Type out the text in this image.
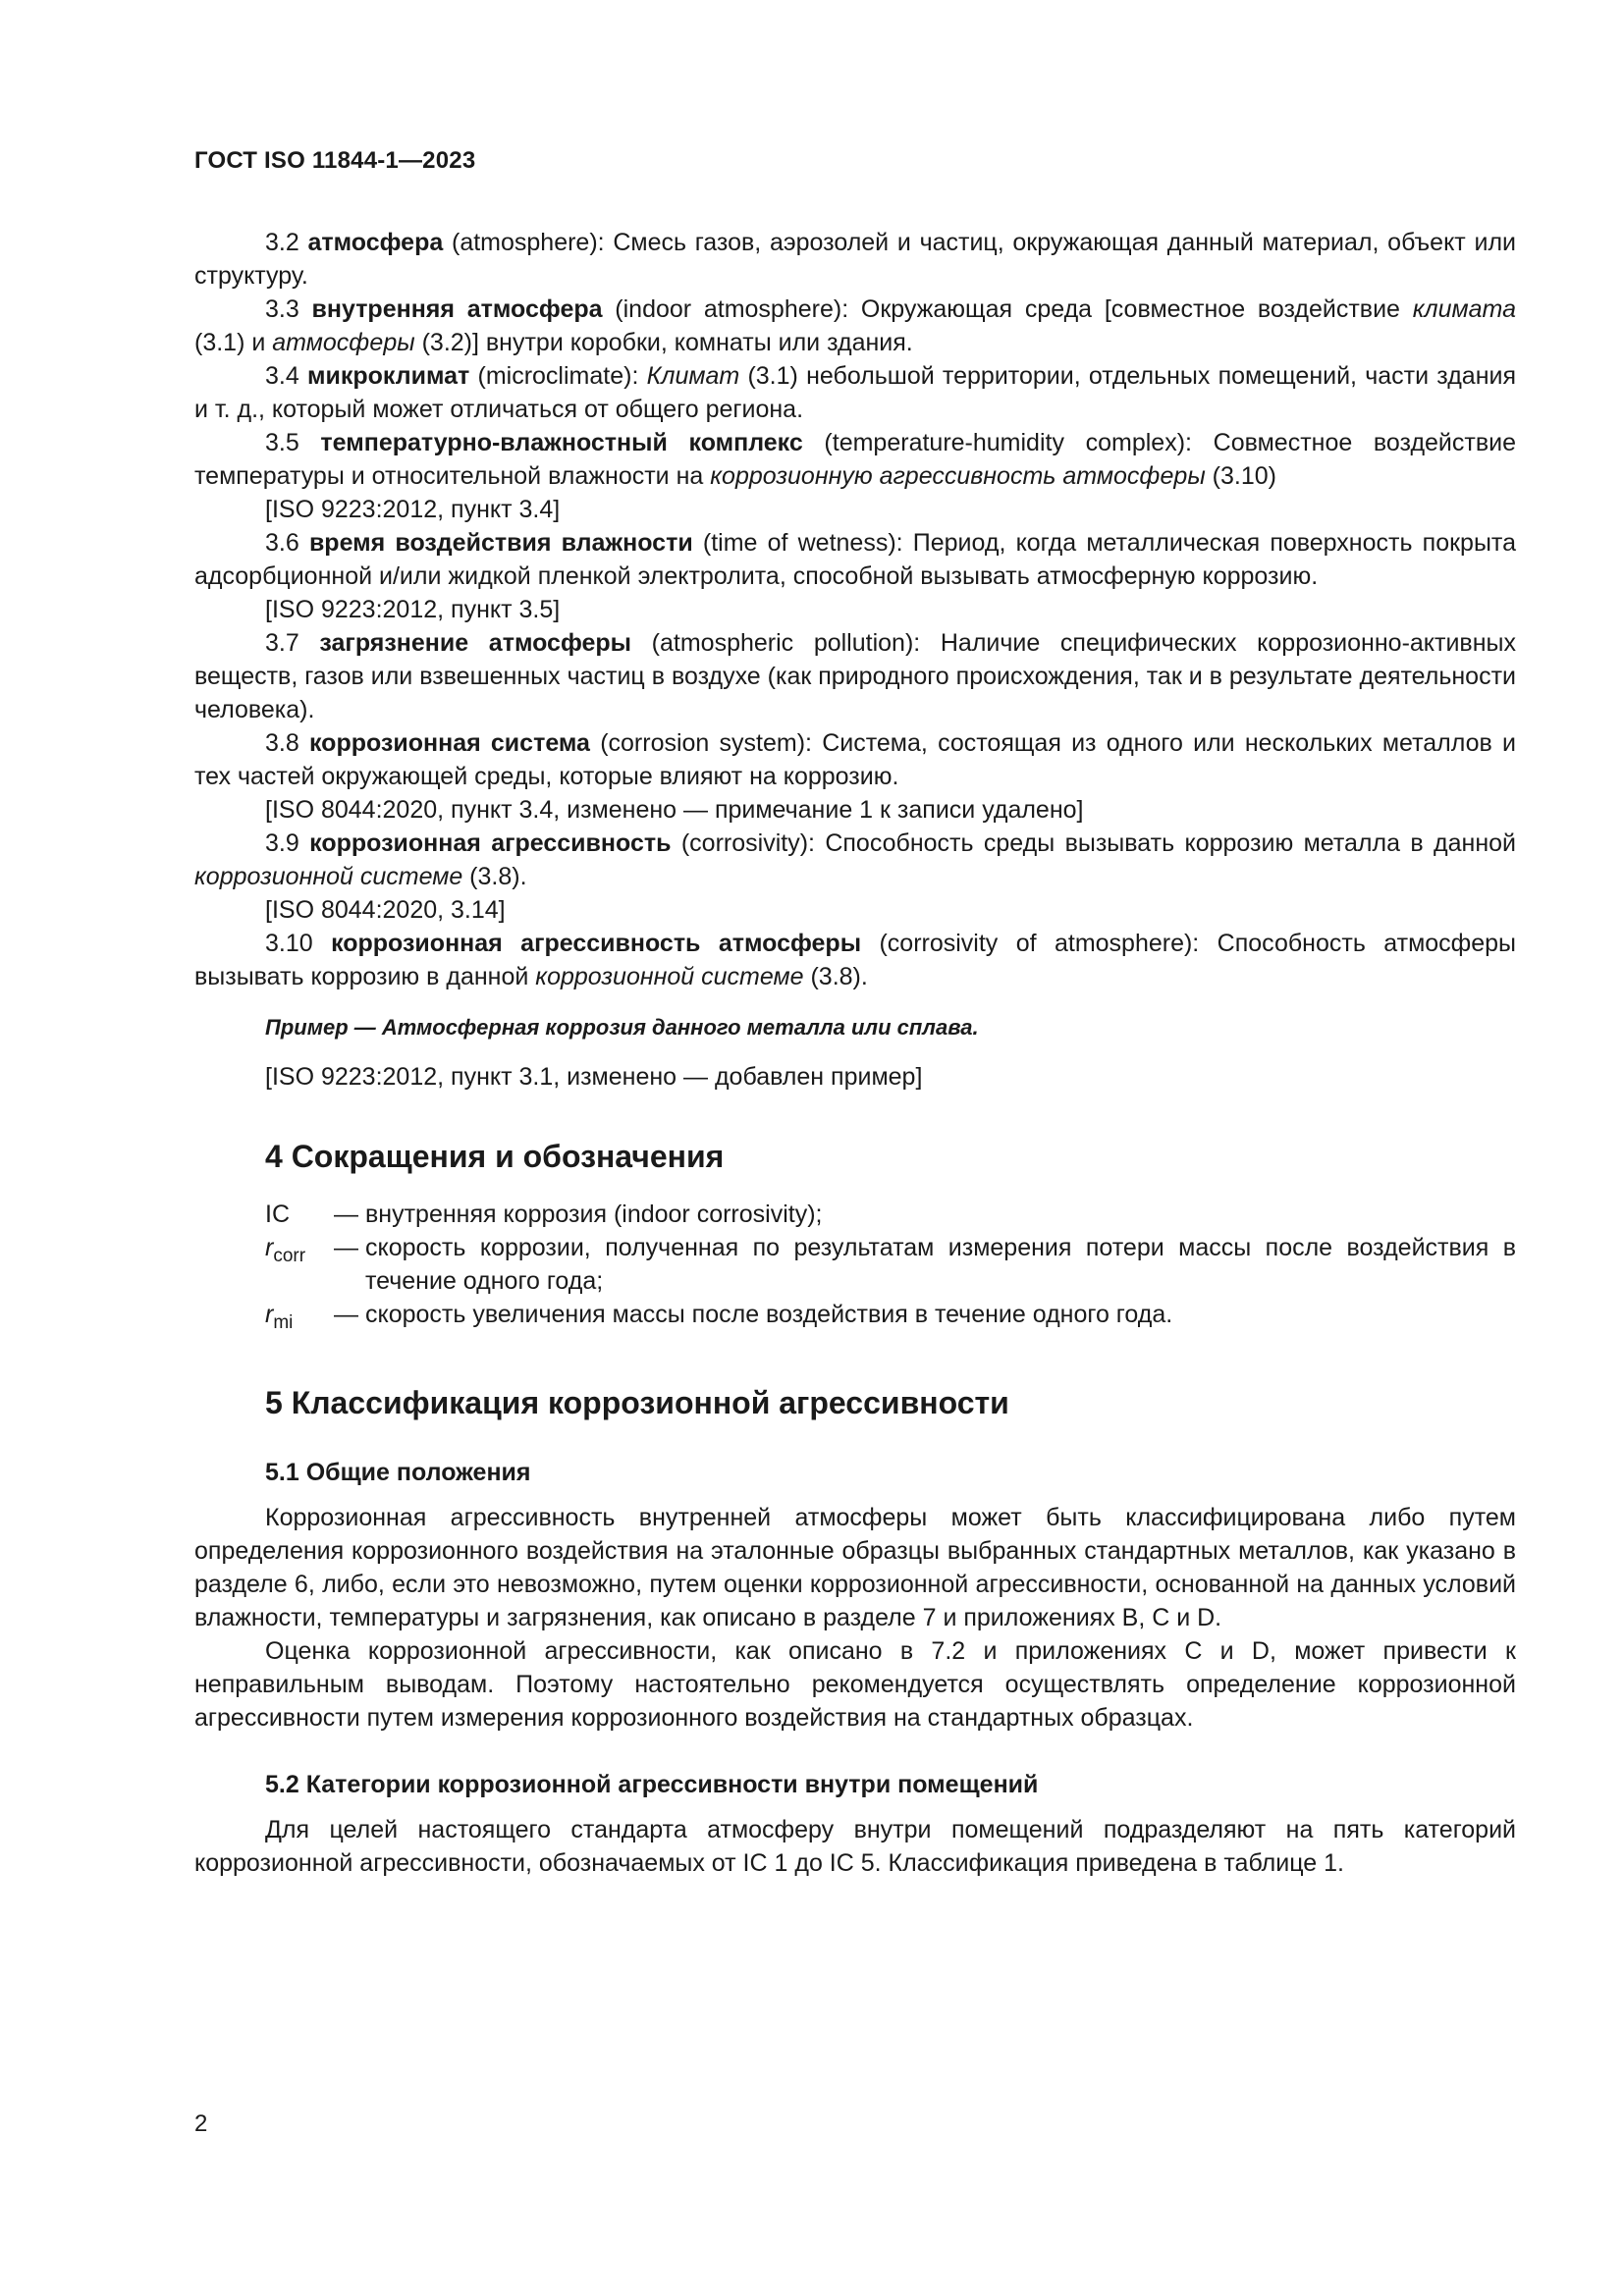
ГОСТ ISO 11844-1—2023

3.2 атмосфера (atmosphere): Смесь газов, аэрозолей и частиц, окружающая данный материал, объект или структуру.

3.3 внутренняя атмосфера (indoor atmosphere): Окружающая среда [совместное воздействие климата (3.1) и атмосферы (3.2)] внутри коробки, комнаты или здания.

3.4 микроклимат (microclimate): Климат (3.1) небольшой территории, отдельных помещений, части здания и т. д., который может отличаться от общего региона.

3.5 температурно-влажностный комплекс (temperature-humidity complex): Совместное воздействие температуры и относительной влажности на коррозионную агрессивность атмосферы (3.10)

[ISO 9223:2012, пункт 3.4]

3.6 время воздействия влажности (time of wetness): Период, когда металлическая поверхность покрыта адсорбционной и/или жидкой пленкой электролита, способной вызывать атмосферную коррозию.

[ISO 9223:2012, пункт 3.5]

3.7 загрязнение атмосферы (atmospheric pollution): Наличие специфических коррозионно-активных веществ, газов или взвешенных частиц в воздухе (как природного происхождения, так и в результате деятельности человека).

3.8 коррозионная система (corrosion system): Система, состоящая из одного или нескольких металлов и тех частей окружающей среды, которые влияют на коррозию.

[ISO 8044:2020, пункт 3.4, изменено — примечание 1 к записи удалено]

3.9 коррозионная агрессивность (corrosivity): Способность среды вызывать коррозию металла в данной коррозионной системе (3.8).

[ISO 8044:2020, 3.14]

3.10 коррозионная агрессивность атмосферы (corrosivity of atmosphere): Способность атмосферы вызывать коррозию в данной коррозионной системе (3.8).

Пример — Атмосферная коррозия данного металла или сплава.

[ISO 9223:2012, пункт 3.1, изменено — добавлен пример]

4 Сокращения и обозначения
IC	— внутренняя коррозия (indoor corrosivity);
$r_{corr}$	— скорость коррозии, полученная по результатам измерения потери массы после воздействия в течение одного года;
$r_{mi}$	— скорость увеличения массы после воздействия в течение одного года.
5 Классификация коррозионной агрессивности
5.1 Общие положения

Коррозионная агрессивность внутренней атмосферы может быть классифицирована либо путем определения коррозионного воздействия на эталонные образцы выбранных стандартных металлов, как указано в разделе 6, либо, если это невозможно, путем оценки коррозионной агрессивности, основанной на данных условий влажности, температуры и загрязнения, как описано в разделе 7 и приложениях B, C и D.

Оценка коррозионной агрессивности, как описано в 7.2 и приложениях C и D, может привести к неправильным выводам. Поэтому настоятельно рекомендуется осуществлять определение коррозионной агрессивности путем измерения коррозионного воздействия на стандартных образцах.

5.2 Категории коррозионной агрессивности внутри помещений

Для целей настоящего стандарта атмосферу внутри помещений подразделяют на пять категорий коррозионной агрессивности, обозначаемых от IC 1 до IC 5. Классификация приведена в таблице 1.

2
